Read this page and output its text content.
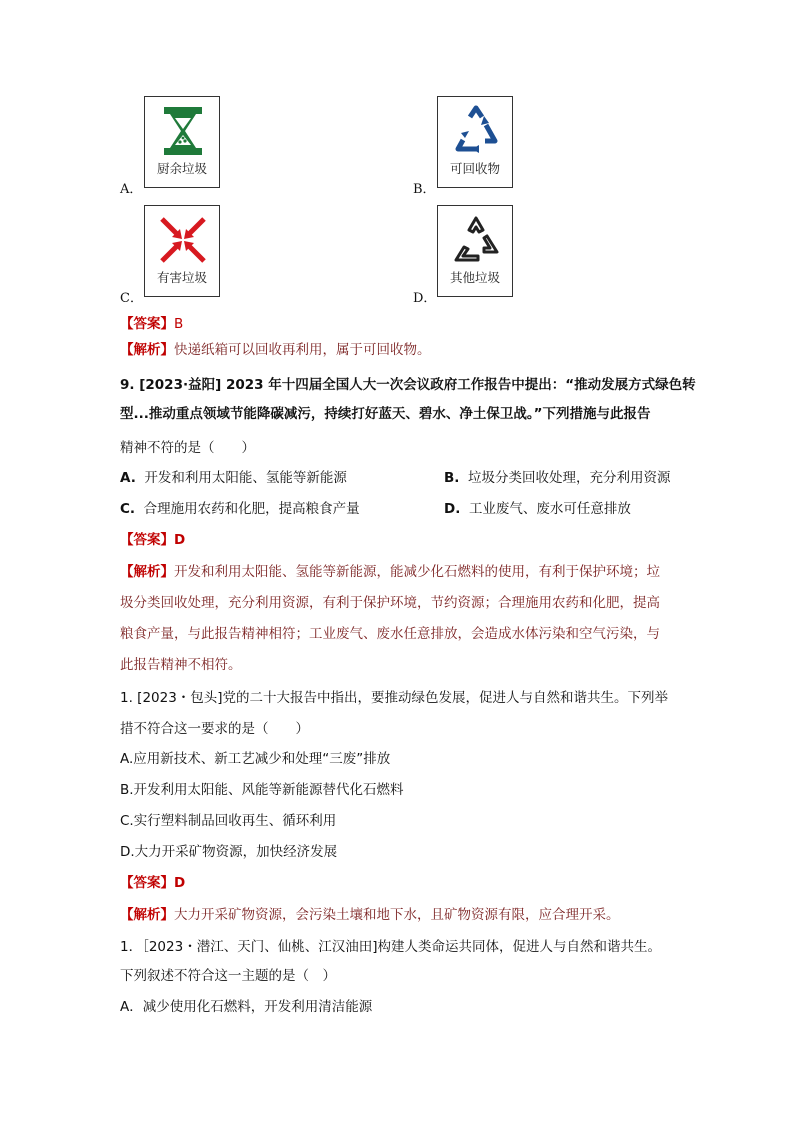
A．	B．
C．	D．
厨余垃圾	可回收物
有害垃圾	其他垃圾
【答案】B
【解析】快递纸箱可以回收再利用，属于可回收物。
9. [2023·益阳] 2023 年十四届全国人大一次会议政府工作报告中提出：“推动发展方式绿色转
型...推动重点领域节能降碳减污，持续打好蓝天、碧水、净土保卫战。”下列措施与此报告
精神不符的是（　　）
A. 开发和利用太阳能、氢能等新能源	B. 垃圾分类回收处理，充分利用资源
C. 合理施用农药和化肥，提高粮食产量	D. 工业废气、废水可任意排放
【答案】D
【解析】开发和利用太阳能、氢能等新能源，能减少化石燃料的使用，有利于保护环境；垃
圾分类回收处理，充分利用资源，有利于保护环境，节约资源；合理施用农药和化肥，提高
粮食产量，与此报告精神相符；工业废气、废水任意排放，会造成水体污染和空气污染，与
此报告精神不相符。
1. [2023・包头]党的二十大报告中指出，要推动绿色发展，促进人与自然和谐共生。下列举
措不符合这一要求的是（　　）
A.应用新技术、新工艺减少和处理“三废”排放
B.开发利用太阳能、风能等新能源替代化石燃料
C.实行塑料制品回收再生、循环利用
D.大力开采矿物资源，加快经济发展
【答案】D
【解析】大力开采矿物资源，会污染土壤和地下水，且矿物资源有限，应合理开采。
1．［2023・潜江、天门、仙桃、江汉油田]构建人类命运共同体，促进人与自然和谐共生。
下列叙述不符合这一主题的是（　）
A．减少使用化石燃料，开发利用清洁能源
